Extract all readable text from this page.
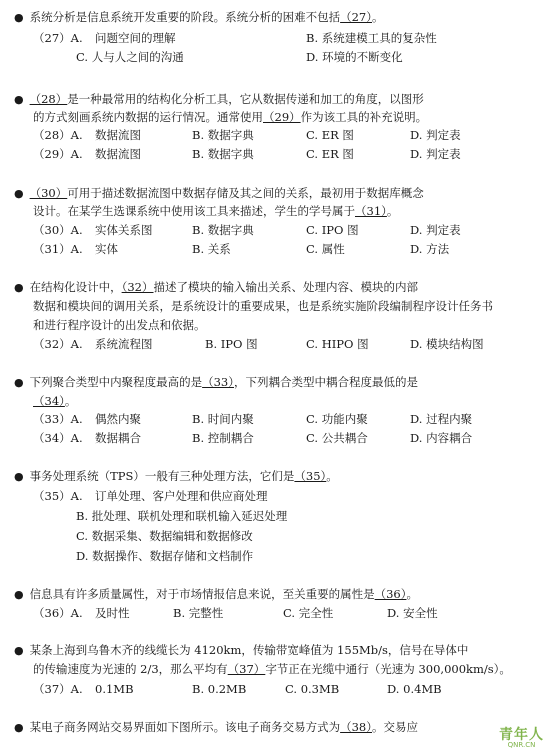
● 系统分析是信息系统开发重要的阶段。系统分析的困难不包括（27）。
（27）A. 问题空间的理解	B. 系统建模工具的复杂性
C. 人与人之间的沟通	D. 环境的不断变化
● （28）是一种最常用的结构化分析工具，它从数据传递和加工的角度，以图形
的方式刻画系统内数据的运行情况。通常使用（29）作为该工具的补充说明。
（28）A. 数据流图	B. 数据字典	C. ER 图	D. 判定表
（29）A. 数据流图	B. 数据字典	C. ER 图	D. 判定表
● （30）可用于描述数据流图中数据存储及其之间的关系，最初用于数据库概念
设计。在某学生选课系统中使用该工具来描述，学生的学号属于（31）。
（30）A. 实体关系图	B. 数据字典	C. IPO 图	D. 判定表
（31）A. 实体	B. 关系	C. 属性	D. 方法
● 在结构化设计中，（32）描述了模块的输入输出关系、处理内容、模块的内部
数据和模块间的调用关系，是系统设计的重要成果，也是系统实施阶段编制程序设计任务书
和进行程序设计的出发点和依据。
（32）A. 系统流程图	B. IPO 图	C. HIPO 图	D. 模块结构图
● 下列聚合类型中内聚程度最高的是（33），下列耦合类型中耦合程度最低的是
（34）。
（33）A. 偶然内聚	B. 时间内聚	C. 功能内聚	D. 过程内聚
（34）A. 数据耦合	B. 控制耦合	C. 公共耦合	D. 内容耦合
● 事务处理系统（TPS）一般有三种处理方法，它们是（35）。
（35）A. 订单处理、客户处理和供应商处理
B. 批处理、联机处理和联机输入延迟处理
C. 数据采集、数据编辑和数据修改
D. 数据操作、数据存储和文档制作
● 信息具有许多质量属性，对于市场情报信息来说，至关重要的属性是（36）。
（36）A. 及时性	B. 完整性	C. 完全性	D. 安全性
● 某条上海到乌鲁木齐的线缆长为 4120km，传输带宽峰值为 155Mb/s，信号在导体中
的传输速度为光速的 2/3，那么平均有（37）字节正在光缆中通行（光速为 300,000km/s）。
（37）A. 0.1MB	B. 0.2MB	C. 0.3MB	D. 0.4MB
● 某电子商务网站交易界面如下图所示。该电子商务交易方式为（38）。交易应	青年人
QNR.CN
